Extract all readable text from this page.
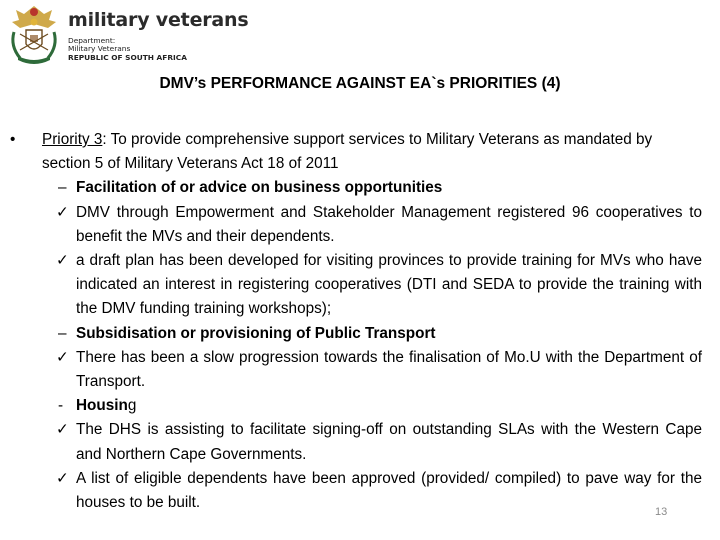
military veterans
Department:
Military Veterans
REPUBLIC OF SOUTH AFRICA
DMV’s PERFORMANCE AGAINST EA`s PRIORITIES (4)
• Priority 3: To provide comprehensive support services to Military Veterans as mandated by section 5 of Military Veterans Act 18 of 2011
– Facilitation of or advice on business opportunities
✓ DMV through Empowerment and Stakeholder Management registered 96 cooperatives to benefit the MVs and their dependents.
✓ a draft plan has been developed for visiting provinces to provide training for MVs who have indicated an interest in registering cooperatives (DTI and SEDA to provide the training with the DMV funding training workshops);
– Subsidisation or provisioning of Public Transport
✓ There has been a slow progression towards the finalisation of Mo.U with the Department of Transport.
- Housing
✓ The DHS is assisting to facilitate signing-off on outstanding SLAs with the Western Cape and Northern Cape Governments.
✓ A list of eligible dependents have been approved (provided/ compiled) to pave way for the houses to be built.
13
